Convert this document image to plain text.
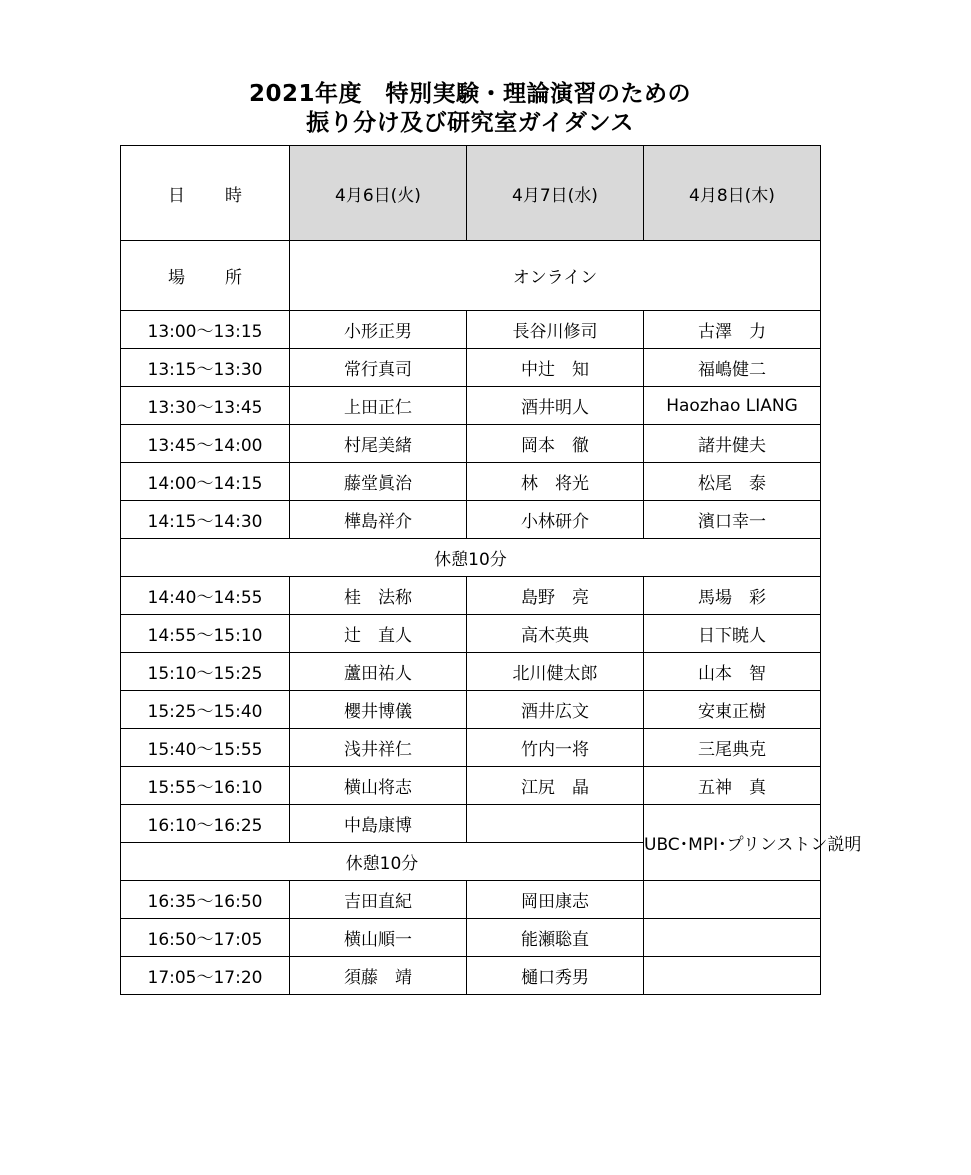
2021年度　特別実験・理論演習のための
振り分け及び研究室ガイダンス
日 時	4月6日(火)	4月7日(水)	4月8日(木)
場 所	オンライン		
13:00～13:15	小形正男	長谷川修司	古澤　力
13:15～13:30	常行真司	中辻　知	福嶋健二
13:30～13:45	上田正仁	酒井明人	Haozhao LIANG
13:45～14:00	村尾美緒	岡本　徹	諸井健夫
14:00～14:15	藤堂眞治	林　将光	松尾　泰
14:15～14:30	樺島祥介	小林研介	濱口幸一
休憩10分			
14:40～14:55	桂　法称	島野　亮	馬場　彩
14:55～15:10	辻　直人	高木英典	日下暁人
15:10～15:25	蘆田祐人	北川健太郎	山本　智
15:25～15:40	櫻井博儀	酒井広文	安東正樹
15:40～15:55	浅井祥仁	竹内一将	三尾典克
15:55～16:10	横山将志	江尻　晶	五神　真
16:10～16:25	中島康博		UBC･MPI･プリンストン説明
休憩10分			
16:35～16:50	吉田直紀	岡田康志	
16:50～17:05	横山順一	能瀬聡直	
17:05～17:20	須藤　靖	樋口秀男	
